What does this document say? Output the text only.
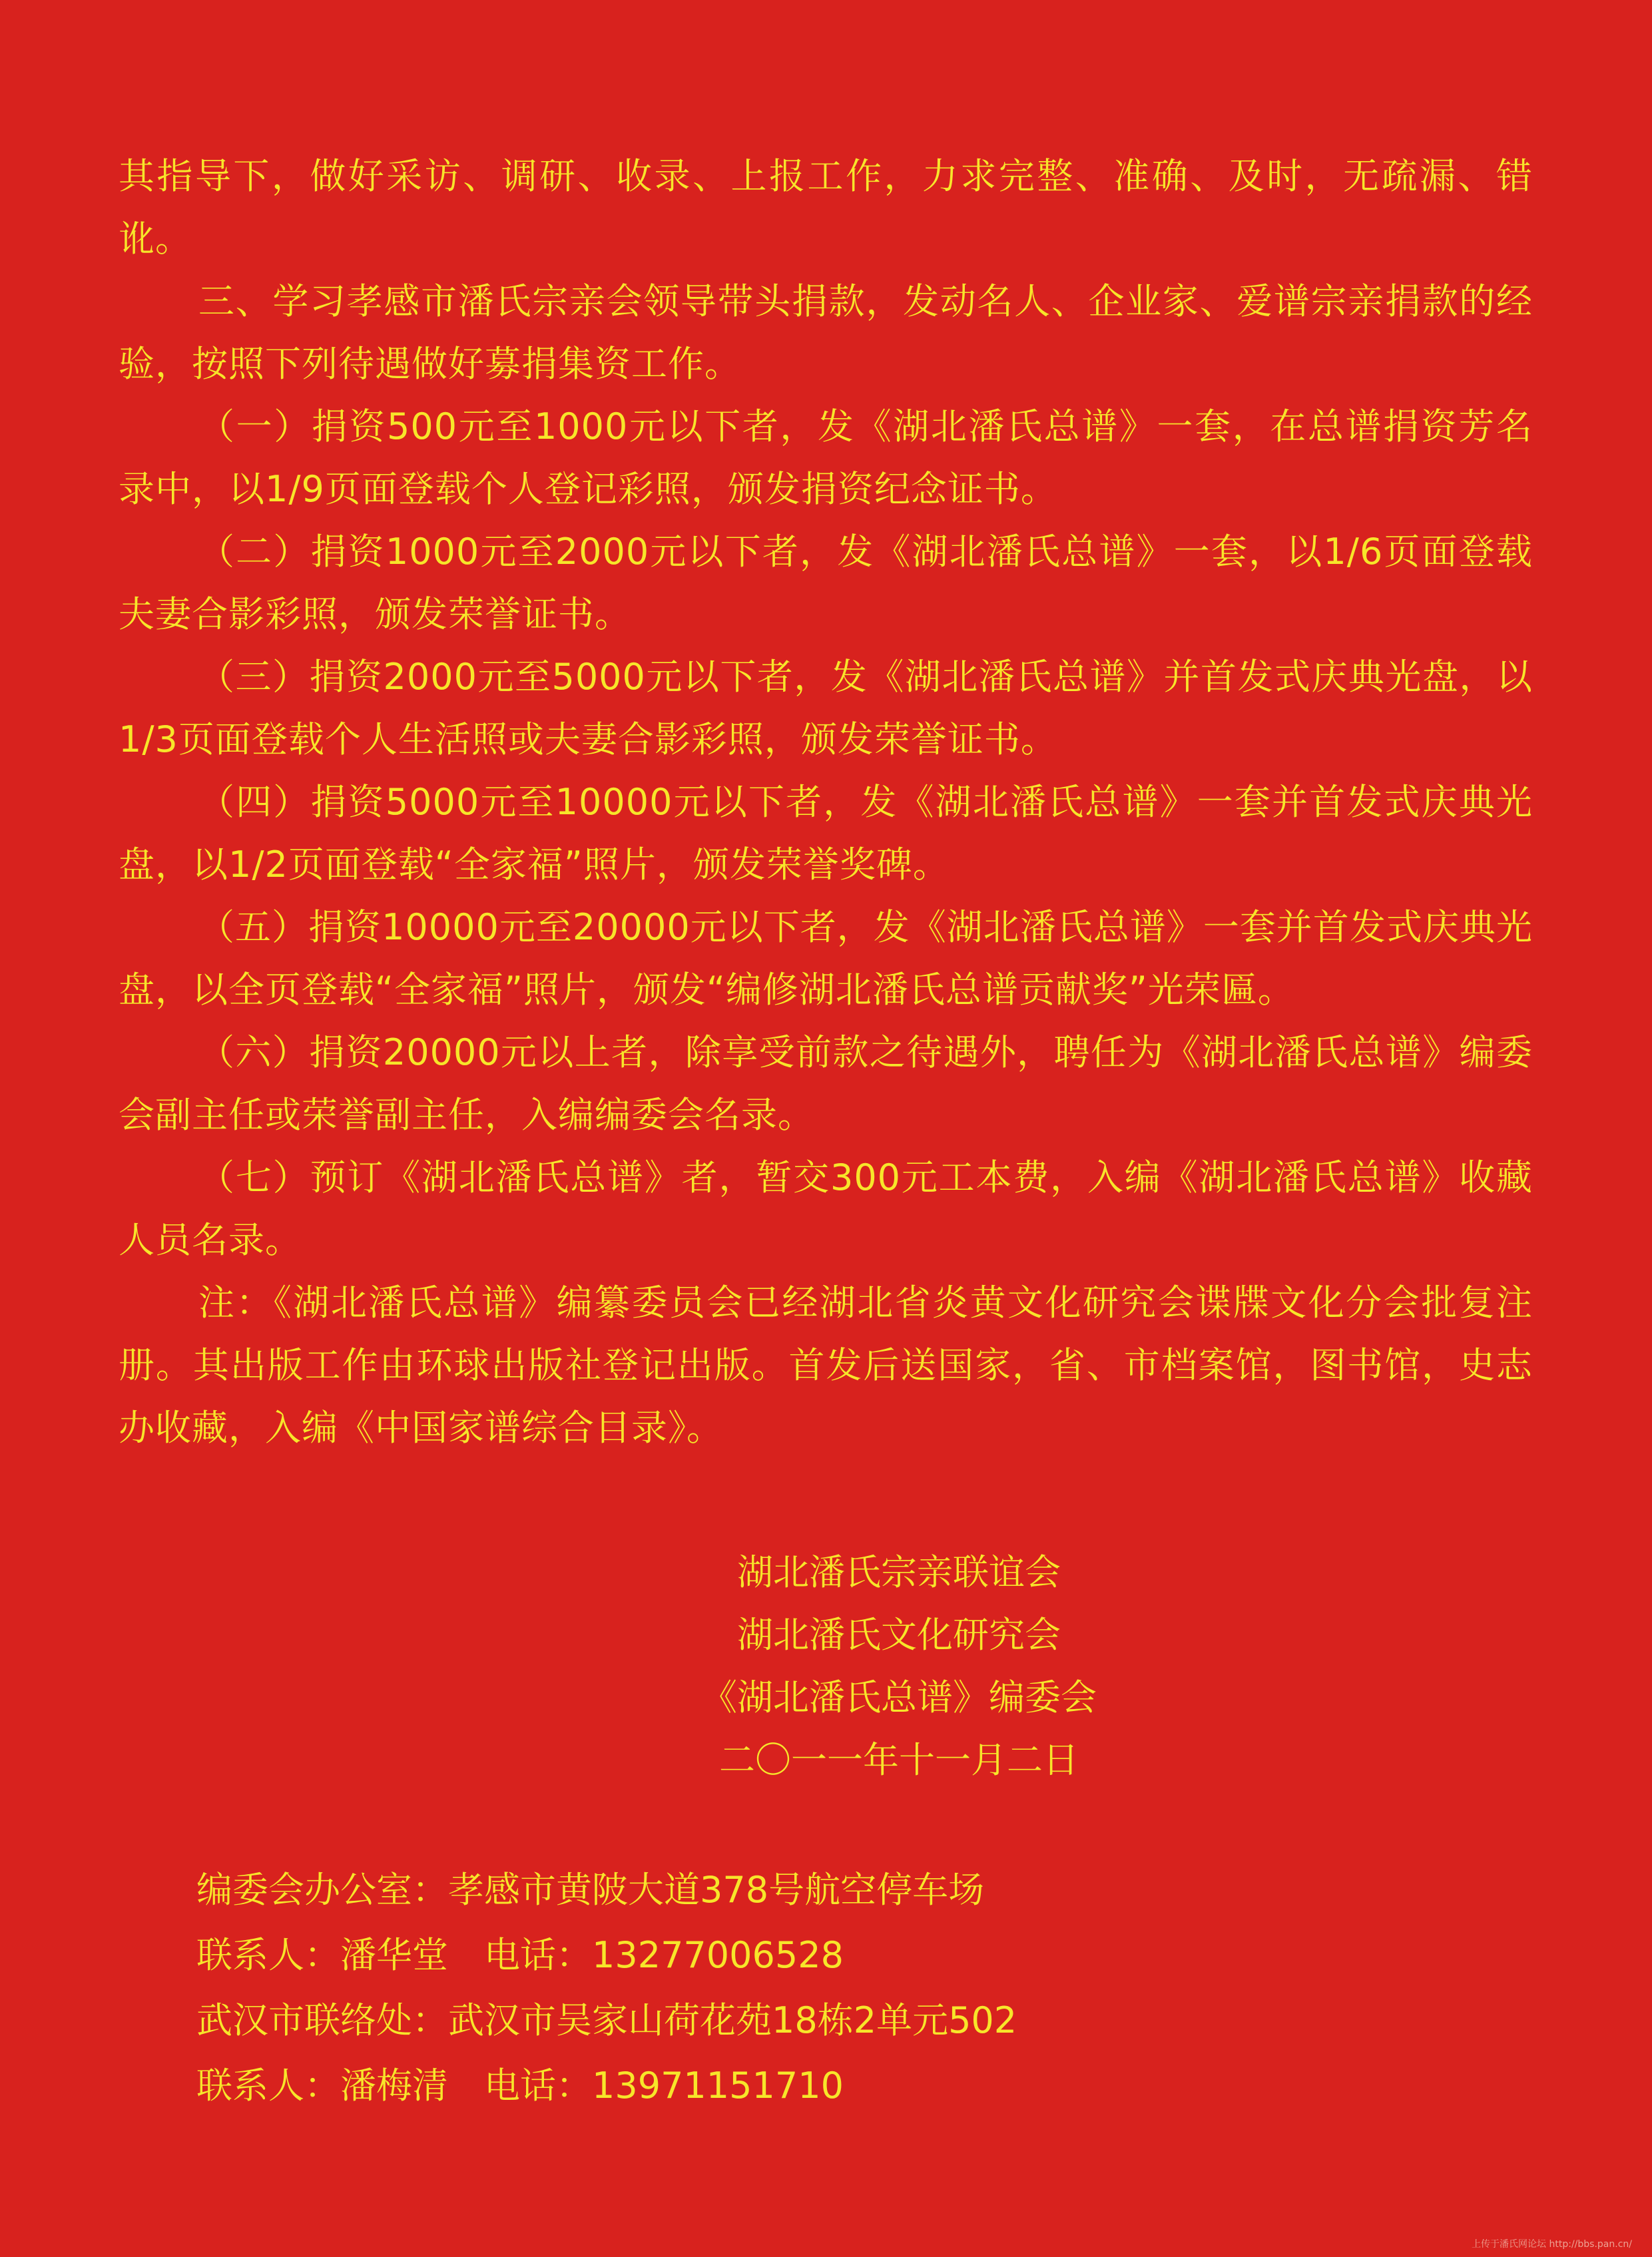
其指导下，做好采访、调研、收录、上报工作，力求完整、准确、及时，无疏漏、错讹。

三、学习孝感市潘氏宗亲会领导带头捐款，发动名人、企业家、爱谱宗亲捐款的经验，按照下列待遇做好募捐集资工作。

（一）捐资500元至1000元以下者，发《湖北潘氏总谱》一套，在总谱捐资芳名录中，以1/9页面登载个人登记彩照，颁发捐资纪念证书。

（二）捐资1000元至2000元以下者，发《湖北潘氏总谱》一套，以1/6页面登载夫妻合影彩照，颁发荣誉证书。

（三）捐资2000元至5000元以下者，发《湖北潘氏总谱》并首发式庆典光盘，以1/3页面登载个人生活照或夫妻合影彩照，颁发荣誉证书。

（四）捐资5000元至10000元以下者，发《湖北潘氏总谱》一套并首发式庆典光盘，以1/2页面登载“全家福”照片，颁发荣誉奖碑。

（五）捐资10000元至20000元以下者，发《湖北潘氏总谱》一套并首发式庆典光盘，以全页登载“全家福”照片，颁发“编修湖北潘氏总谱贡献奖”光荣匾。

（六）捐资20000元以上者，除享受前款之待遇外，聘任为《湖北潘氏总谱》编委会副主任或荣誉副主任，入编编委会名录。

（七）预订《湖北潘氏总谱》者，暂交300元工本费，入编《湖北潘氏总谱》收藏人员名录。

注：《湖北潘氏总谱》编纂委员会已经湖北省炎黄文化研究会谍牒文化分会批复注册。其出版工作由环球出版社登记出版。首发后送国家，省、市档案馆，图书馆，史志办收藏，入编《中国家谱综合目录》。

湖北潘氏宗亲联谊会
湖北潘氏文化研究会
《湖北潘氏总谱》编委会
二〇一一年十一月二日
编委会办公室：孝感市黄陂大道378号航空停车场
联系人：潘华堂　电话：13277006528
武汉市联络处：武汉市吴家山荷花苑18栋2单元502
联系人：潘梅清　电话：13971151710
上传于潘氏网论坛 http://bbs.pan.cn/
